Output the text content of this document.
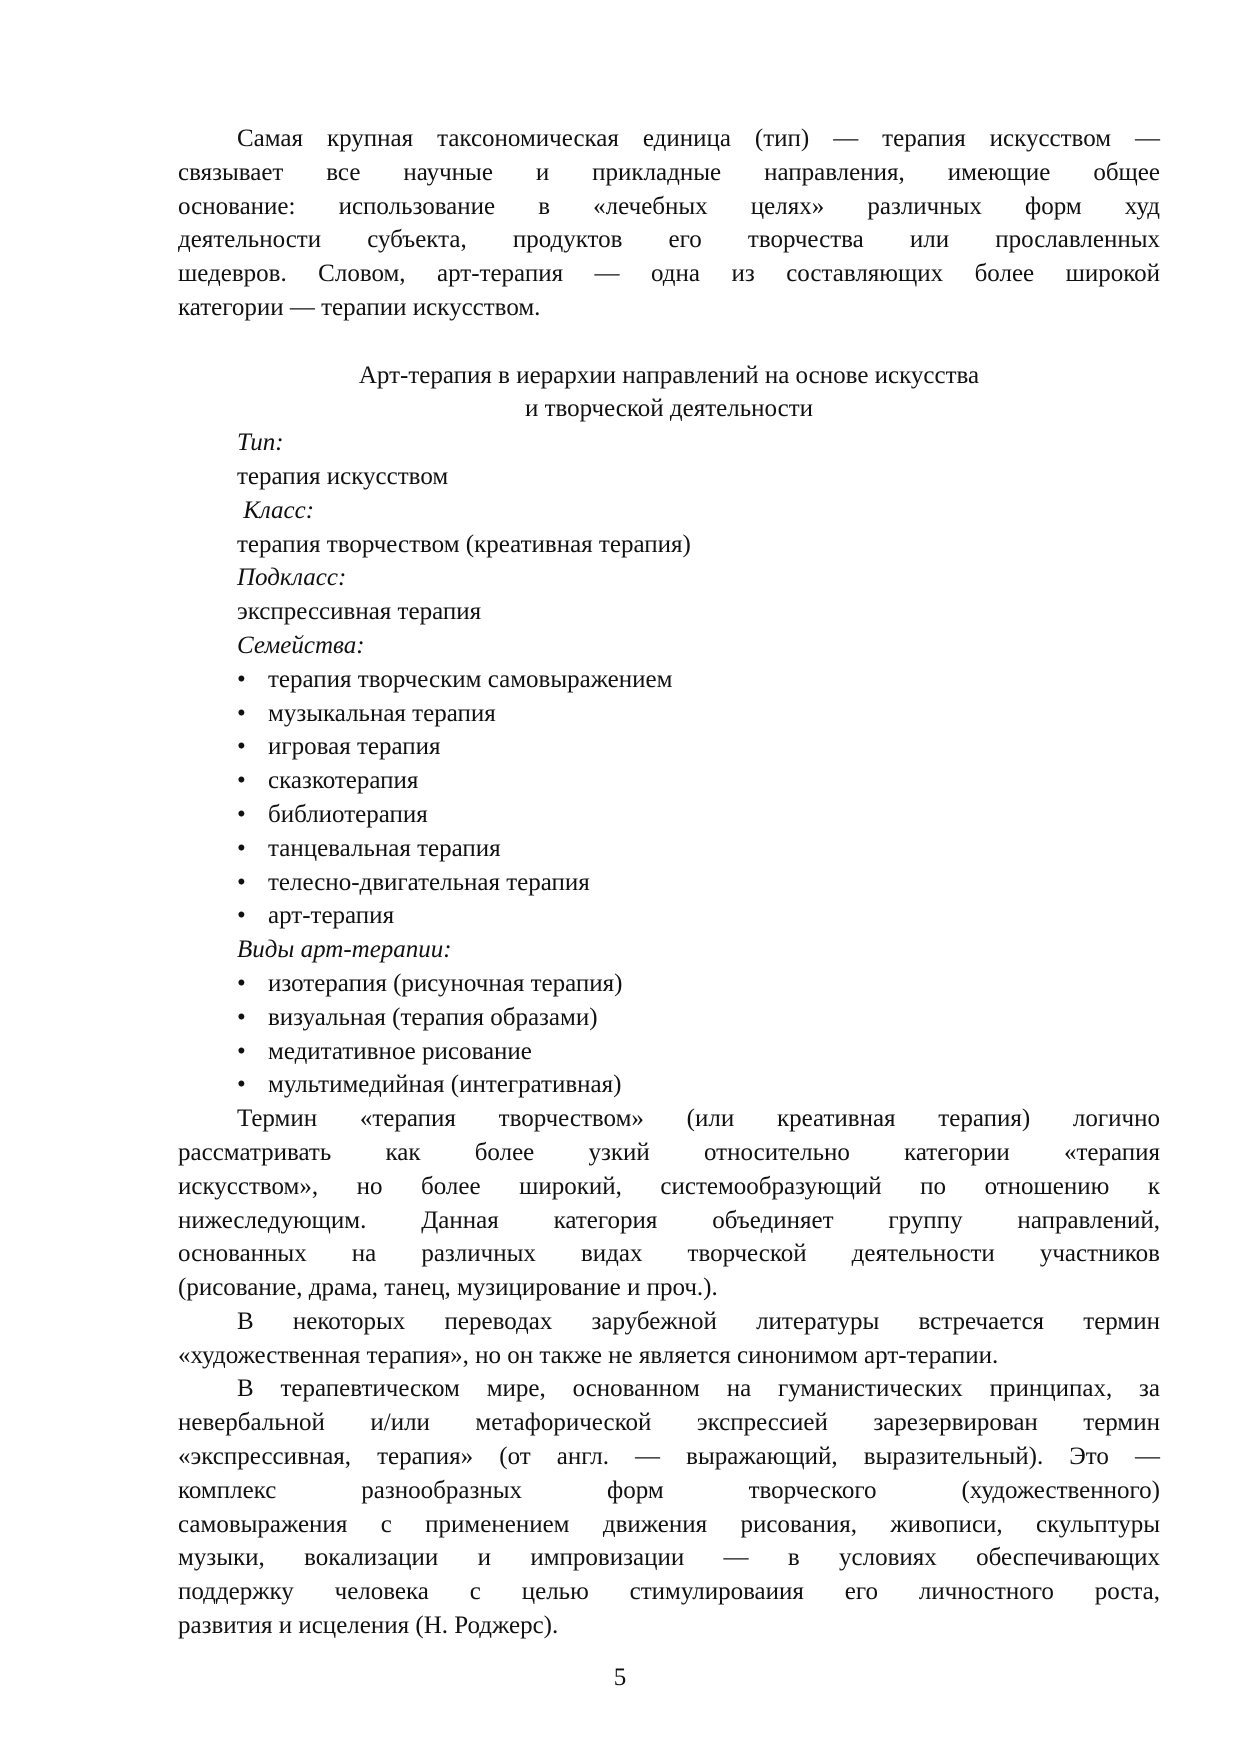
Самая крупная таксономическая единица (тип) — терапия искусством —
связывает все научные и прикладные направления, имеющие общее
основание: использование в «лечебных целях» различных форм худ
деятельности субъекта, продуктов его творчества или прославленных
шедевров. Словом, арт-терапия — одна из составляющих более широкой
категории — терапии искусством.
Арт-терапия в иерархии направлений на основе искусства
и творческой деятельности
Тип:
терапия искусством
Класс:
терапия творчеством (креативная терапия)
Подкласс:
экспрессивная терапия
Семейства:
• терапия творческим самовыражением
• музыкальная терапия
• игровая терапия
• сказкотерапия
• библиотерапия
• танцевальная терапия
• телесно-двигательная терапия
• арт-терапия
Виды арт-терапии:
• изотерапия (рисуночная терапия)
• визуальная (терапия образами)
• медитативное рисование
• мультимедийная (интегративная)
Термин «терапия творчеством» (или креативная терапия) логично
рассматривать как более узкий относительно категории «терапия
искусством», но более широкий, системообразующий по отношению к
нижеследующим. Данная категория объединяет группу направлений,
основанных на различных видах творческой деятельности участников
(рисование, драма, танец, музицирование и проч.).
В некоторых переводах зарубежной литературы встречается термин
«художественная терапия», но он также не является синонимом арт-терапии.
В терапевтическом мире, основанном на гуманистических принципах, за
невербальной и/или метафорической экспрессией зарезервирован термин
«экспрессивная, терапия» (от англ. — выражающий, выразительный). Это —
комплекс разнообразных форм творческого (художественного)
самовыражения с применением движения рисования, живописи, скульптуры
музыки, вокализации и импровизации — в условиях обеспечивающих
поддержку человека с целью стимулироваиия его личностного роста,
развития и исцеления (Н. Роджерс).
5
